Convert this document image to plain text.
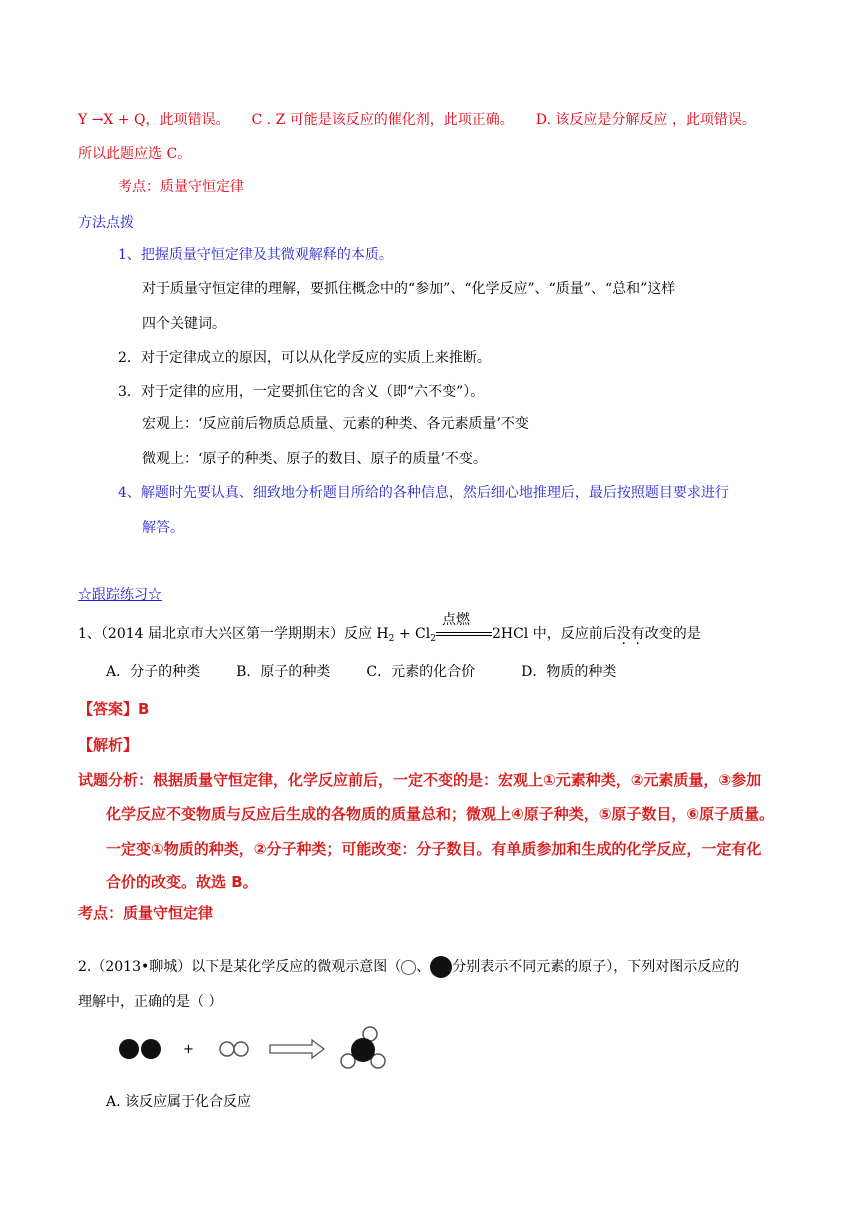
Y →X + Q，此项错误。 C . Z 可能是该反应的催化剂，此项正确。 D. 该反应是分解反应 ，此项错误。
所以此题应选 C。
考点：质量守恒定律
方法点拨
1、把握质量守恒定律及其微观解释的本质。
对于质量守恒定律的理解，要抓住概念中的“参加”、“化学反应”、“质量”、“总和”这样
四个关键词。
2．对于定律成立的原因，可以从化学反应的实质上来推断。
3．对于定律的应用，一定要抓住它的含义（即“六不变”）。
宏观上：‘反应前后物质总质量、元素的种类、各元素质量’不变
微观上：‘原子的种类、原子的数目、原子的质量’不变。
4、解题时先要认真、细致地分析题目所给的各种信息，然后细心地推理后，最后按照题目要求进行
解答。
☆跟踪练习☆
1、（2014 届北京市大兴区第一学期期末）反应 $H_2 + Cl_2$
点燃
2HCl 中，反应前后没有改变的是
A．分子的种类	B．原子的种类	C．元素的化合价	D．物质的种类
【答案】B
【解析】
试题分析：根据质量守恒定律，化学反应前后，一定不变的是：宏观上①元素种类，②元素质量，③参加
化学反应不变物质与反应后生成的各物质的质量总和；微观上④原子种类，⑤原子数目，⑥原子质量。
一定变①物质的种类，②分子种类；可能改变：分子数目。有单质参加和生成的化学反应，一定有化
合价的改变。故选 B。
考点：质量守恒定律
2.（2013•聊城）以下是某化学反应的微观示意图（ 、 分别表示不同元素的原子），下列对图示反应的
理解中，正确的是（ ）
+
A. 该反应属于化合反应
